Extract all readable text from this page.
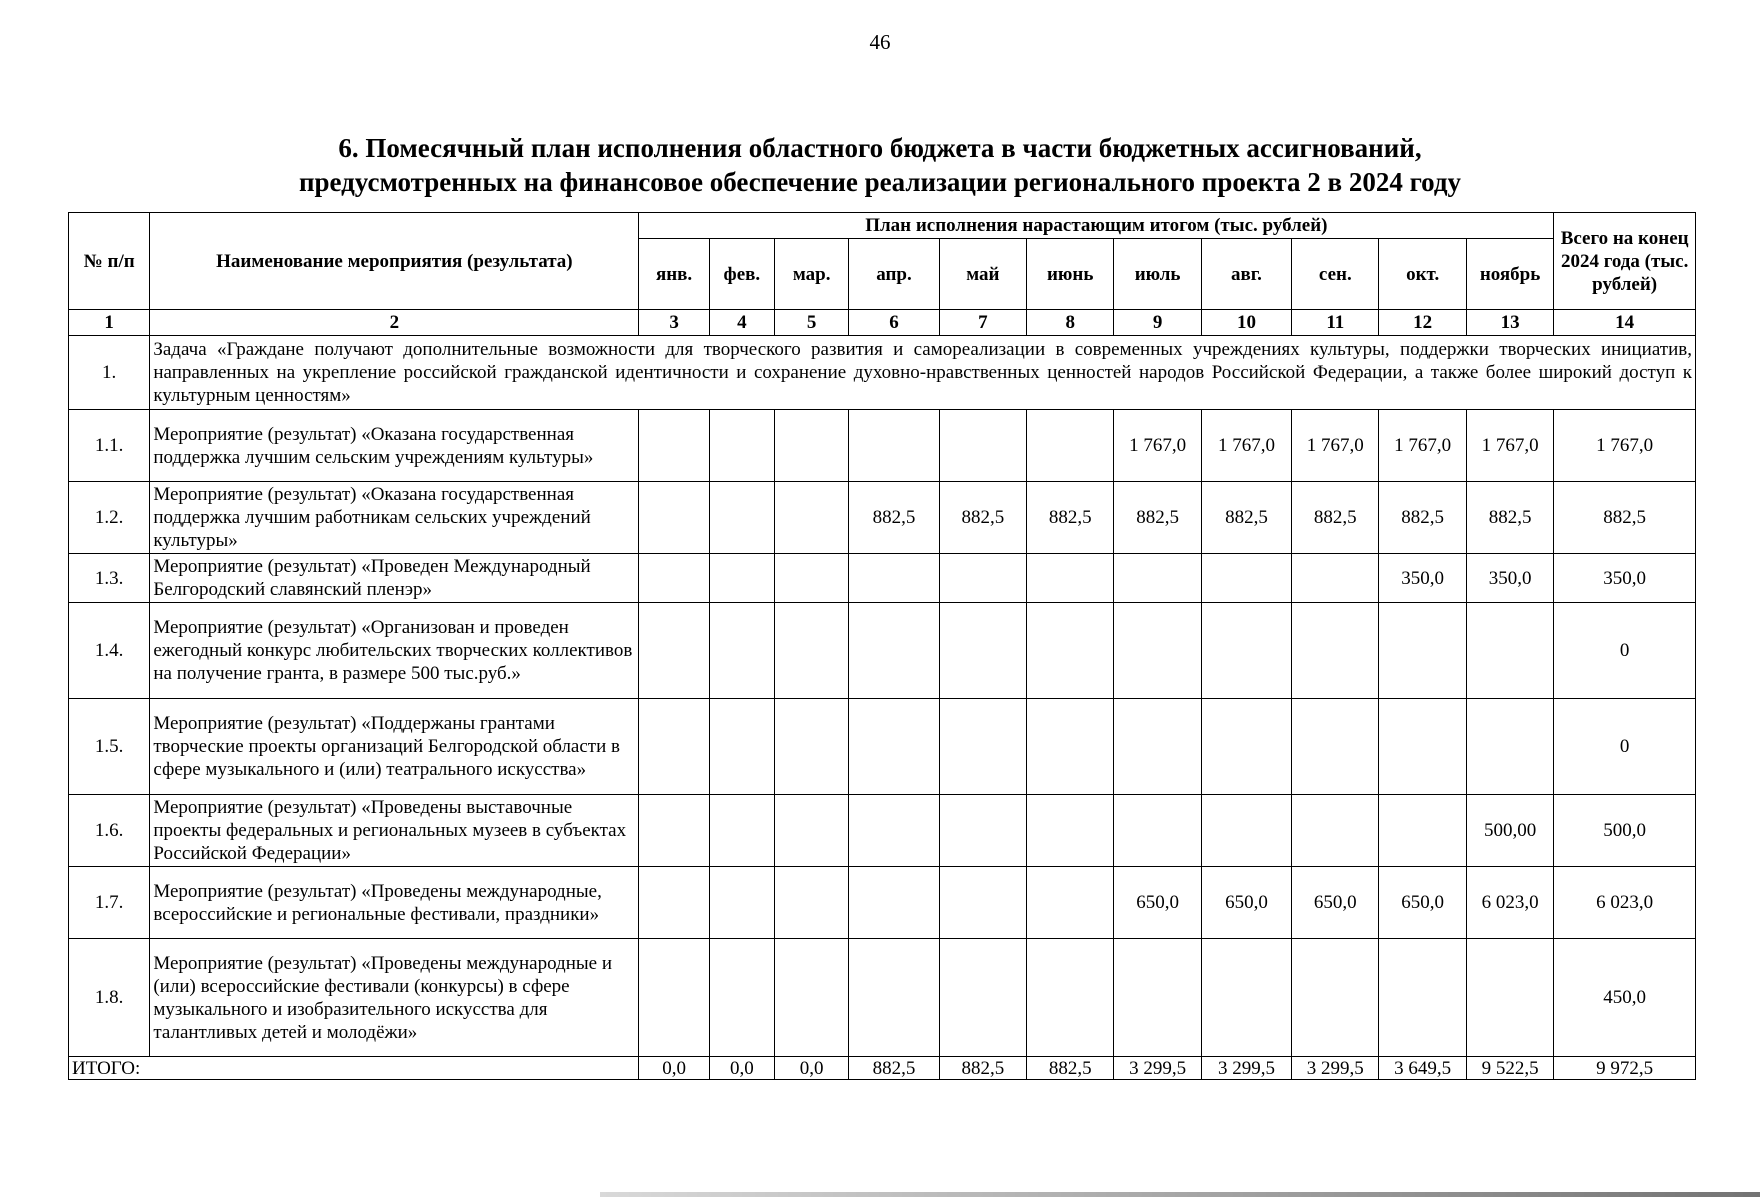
46
6. Помесячный план исполнения областного бюджета в части бюджетных ассигнований,
предусмотренных на финансовое обеспечение реализации регионального проекта 2 в 2024 году
№ п/п	Наименование мероприятия (результата)	План исполнения нарастающим итогом (тыс. рублей)											Всего на конец 2024 года (тыс. рублей)
		янв.	фев.	мар.	апр.	май	июнь	июль	авг.	сен.	окт.	ноябрь	
1	2	3	4	5	6	7	8	9	10	11	12	13	14
1.	Задача «Граждане получают дополнительные возможности для творческого развития и самореализации в современных учреждениях культуры, поддержки творческих инициатив, направленных на укрепление российской гражданской идентичности и сохранение духовно-нравственных ценностей народов Российской Федерации, а также более широкий доступ к культурным ценностям»												
1.1.	Мероприятие (результат) «Оказана государственная поддержка лучшим сельским учреждениям культуры»							1 767,0	1 767,0	1 767,0	1 767,0	1 767,0	1 767,0
1.2.	Мероприятие (результат) «Оказана государственная поддержка лучшим работникам сельских учреждений культуры»				882,5	882,5	882,5	882,5	882,5	882,5	882,5	882,5	882,5
1.3.	Мероприятие (результат) «Проведен Международный Белгородский славянский пленэр»										350,0	350,0	350,0
1.4.	Мероприятие (результат) «Организован и проведен ежегодный конкурс любительских творческих коллективов на получение гранта, в размере 500 тыс.руб.»												0
1.5.	Мероприятие (результат) «Поддержаны грантами творческие проекты организаций Белгородской области в сфере музыкального и (или) театрального искусства»												0
1.6.	Мероприятие (результат) «Проведены выставочные проекты федеральных и региональных музеев в субъектах Российской Федерации»											500,00	500,0
1.7.	Мероприятие (результат) «Проведены международные, всероссийские и региональные фестивали, праздники»							650,0	650,0	650,0	650,0	6 023,0	6 023,0
1.8.	Мероприятие (результат) «Проведены международные и (или) всероссийские фестивали (конкурсы) в сфере музыкального и изобразительного искусства для талантливых детей и молодёжи»												450,0
ИТОГО:		0,0	0,0	0,0	882,5	882,5	882,5	3 299,5	3 299,5	3 299,5	3 649,5	9 522,5	9 972,5
